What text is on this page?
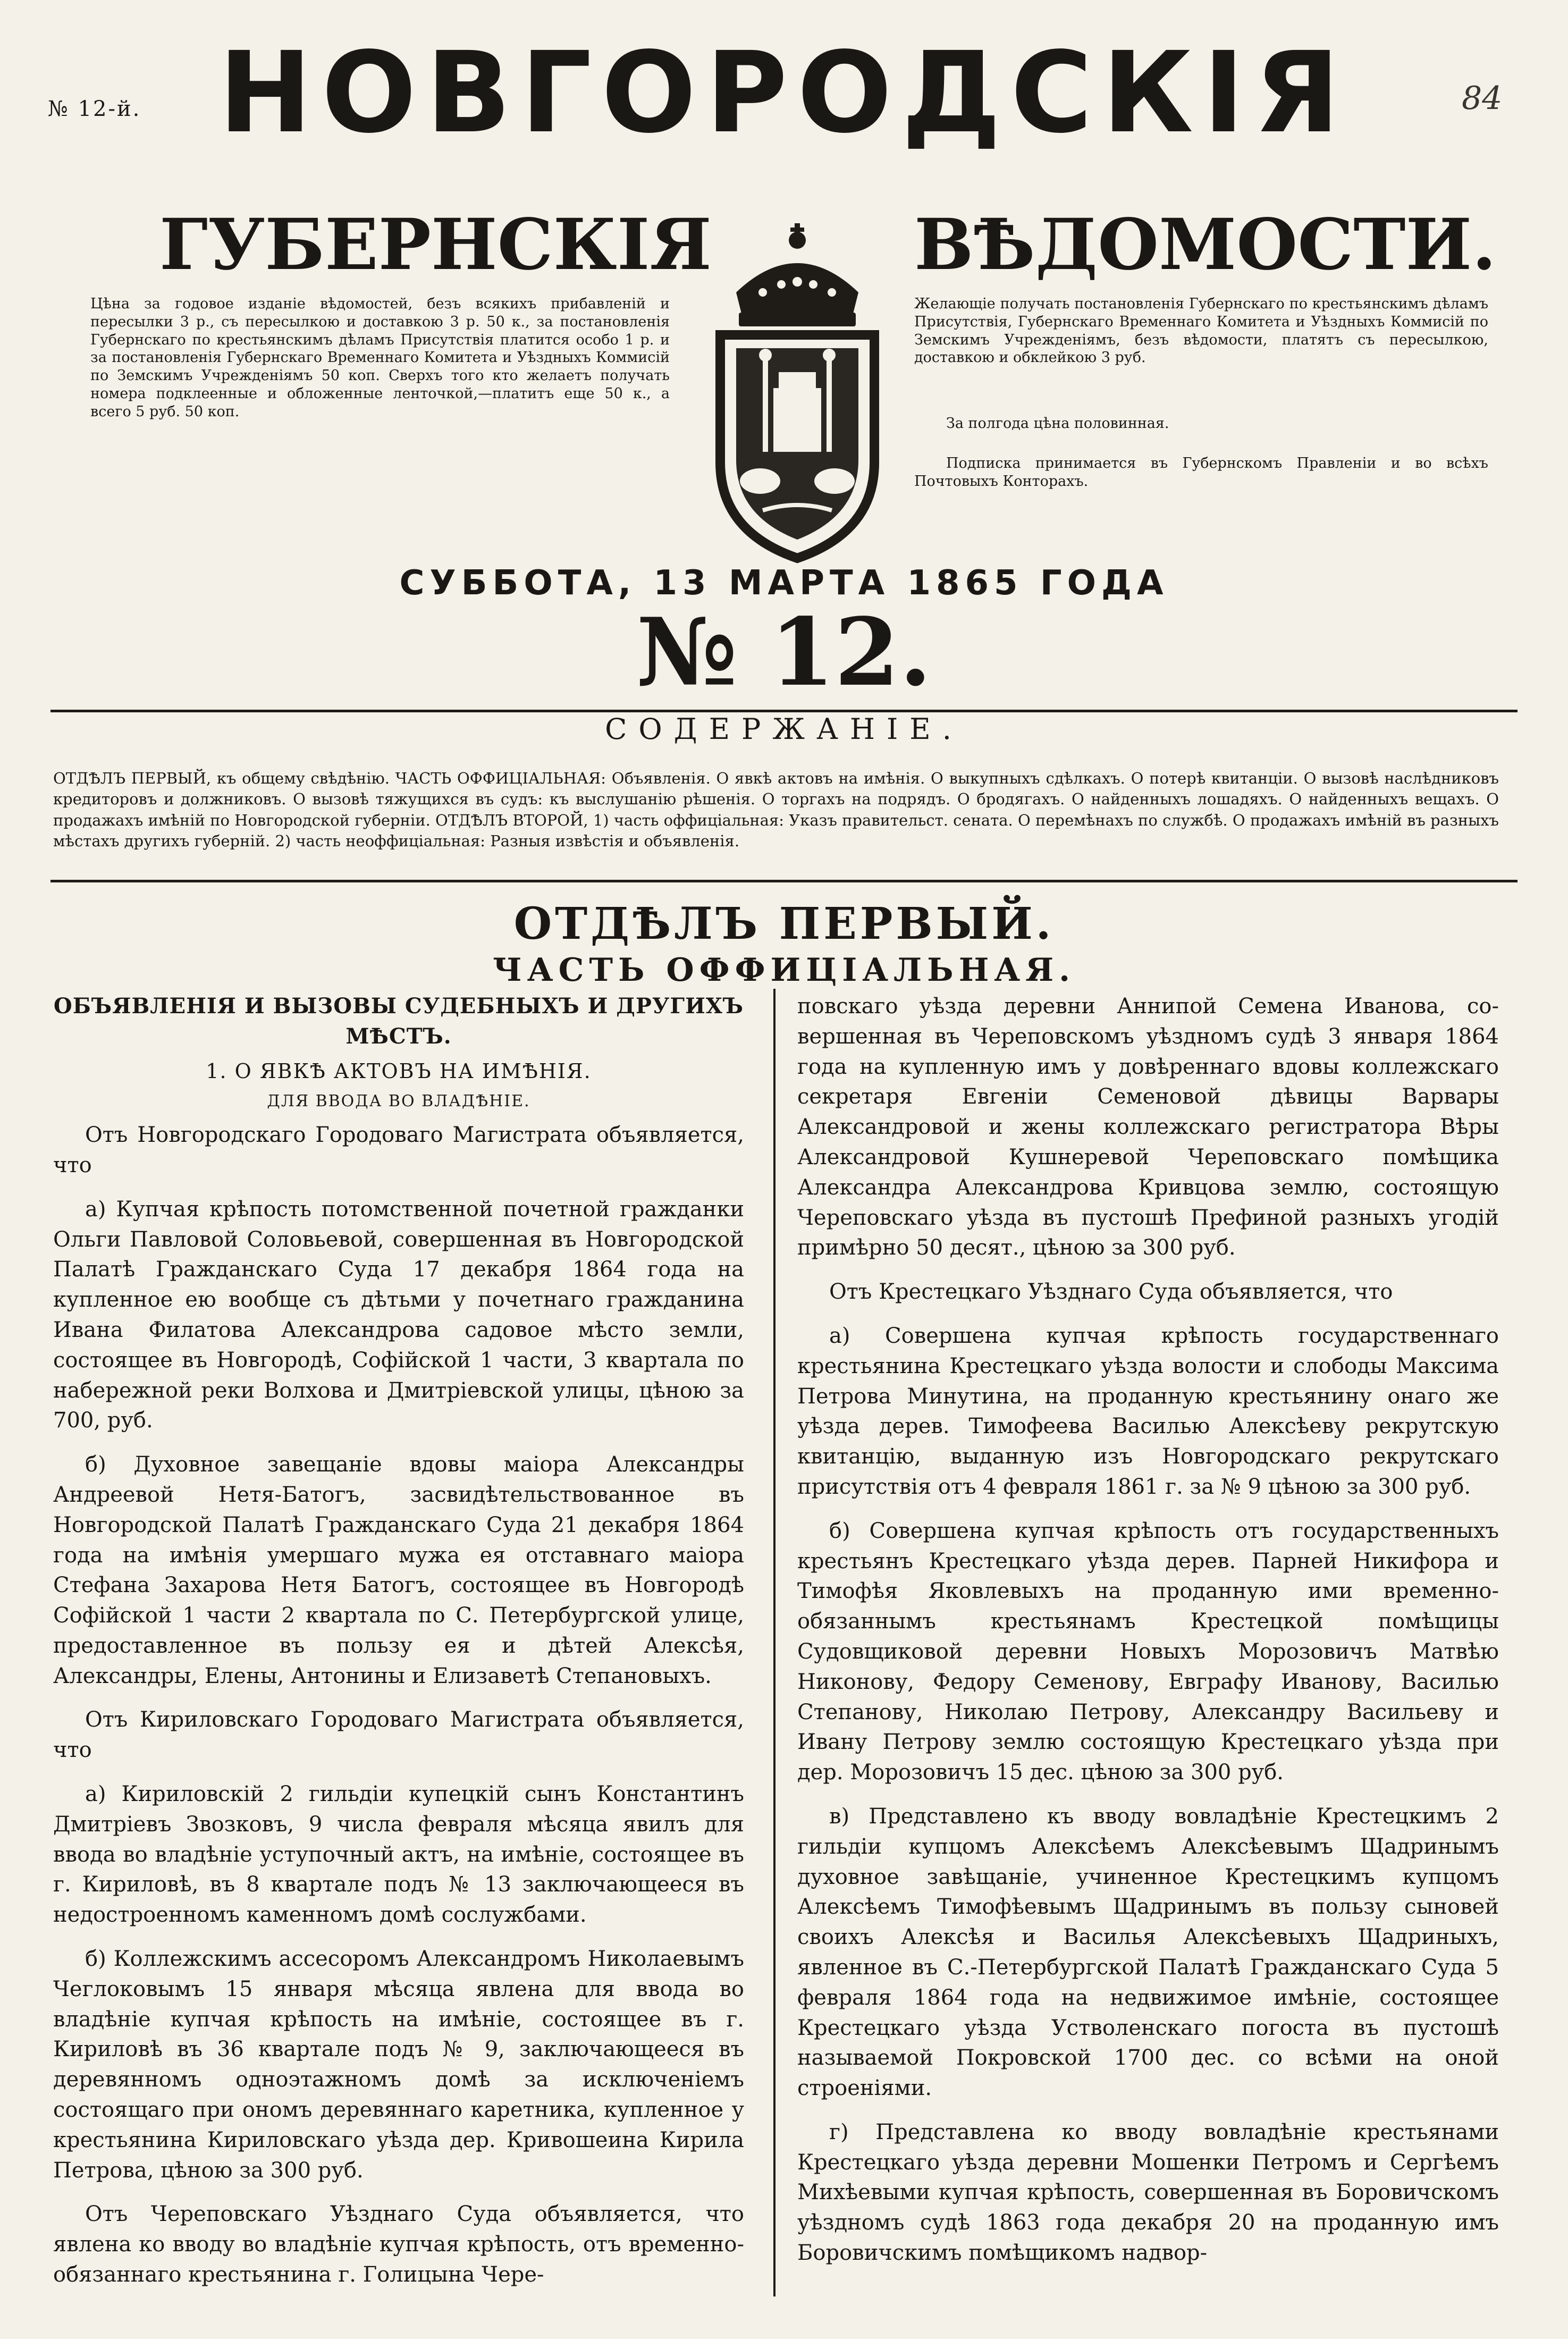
№ 12-й.	84
НОВГОРОДСКІЯ
ГУБЕРНСКІЯ	ВѢДОМОСТИ.
Цѣна за годовое изданіе вѣдомостей, безъ всякихъ прибавленій и пересылки 3 р., съ пересылкою и доставкою 3 р. 50 к., за постановленія Губернскаго по крестьянскимъ дѣламъ Присутствія платится особо 1 р. и за постановленія Губернскаго Временнаго Комитета и Уѣздныхъ Коммисій по Земскимъ Учрежденіямъ 50 коп. Сверхъ того кто желаетъ получать номера подклеенные и обложенные ленточкой,—платитъ еще 50 к., а всего 5 руб. 50 коп.
Желающіе получать постановленія Губернскаго по крестьянскимъ дѣламъ Присутствія, Губернскаго Временнаго Комитета и Уѣздныхъ Коммисій по Земскимъ Учрежденіямъ, безъ вѣдомости, платятъ съ пересылкою, доставкою и обклейкою 3 руб.
За полгода цѣна половинная.
Подписка принимается въ Губернскомъ Правленіи и во всѣхъ Почтовыхъ Конторахъ.
СУББОТА, 13 МАРТА 1865 ГОДА
№ 12.
СОДЕРЖАНІЕ.
ОТДѢЛЪ ПЕРВЫЙ, къ общему свѣдѣнію. ЧАСТЬ ОФФИЦІАЛЬНАЯ: Объявленія. О явкѣ актовъ на имѣнія. О выкупныхъ сдѣлкахъ. О потерѣ квитанціи. О вызовѣ наслѣдниковъ кредиторовъ и должниковъ. О вызовѣ тяжущихся въ судъ: къ выслушанію рѣшенія. О торгахъ на подрядъ. О бродягахъ. О найденныхъ лошадяхъ. О найденныхъ вещахъ. О продажахъ имѣній по Новгородской губерніи. ОТДѢЛЪ ВТОРОЙ, 1) часть оффиціальная: Указъ правительст. сената. О перемѣнахъ по службѣ. О продажахъ имѣній въ разныхъ мѣстахъ другихъ губерній. 2) часть неоффиціальная: Разныя извѣстія и объявленія.
ОТДѢЛЪ ПЕРВЫЙ.
ЧАСТЬ ОФФИЦІАЛЬНАЯ.
ОБЪЯВЛЕНІЯ И ВЫЗОВЫ СУДЕБНЫХЪ И ДРУГИХЪ МѢСТЪ.
1. О ЯВКѢ АКТОВЪ НА ИМѢНІЯ.
ДЛЯ ВВОДА ВО ВЛАДѢНІЕ.

Отъ Новгородскаго Городоваго Магистрата объявляется, что

а) Купчая крѣпость потомственной почетной гражданки Ольги Павловой Соловьевой, совершенная въ Новгородской Палатѣ Гражданскаго Суда 17 декабря 1864 года на купленное ею вообще съ дѣтьми у почетнаго гражданина Ивана Филатова Александрова садовое мѣсто земли, состоящее въ Новгородѣ, Софійской 1 части, 3 квартала по набережной реки Волхова и Дмитріевской улицы, цѣною за 700, руб.

б) Духовное завещаніе вдовы маіора Александры Андреевой Нетя-Батогъ, засвидѣтельствованное въ Новгородской Палатѣ Гражданскаго Суда 21 декабря 1864 года на имѣнія умершаго мужа ея отставнаго маіора Стефана Захарова Нетя Батогъ, состоящее въ Новгородѣ Софійской 1 части 2 квартала по С. Петербургской улице, предоставленное въ пользу ея и дѣтей Алексѣя, Александры, Елены, Антонины и Елизаветѣ Степановыхъ.

Отъ Кириловскаго Городоваго Магистрата объявляется, что

а) Кириловскій 2 гильдіи купецкій сынъ Константинъ Дмитріевъ Звозковъ, 9 числа февраля мѣсяца явилъ для ввода во владѣніе уступочный актъ, на имѣніе, состоящее въ г. Кириловѣ, въ 8 квартале подъ № 13 заключающееся въ недостроенномъ каменномъ домѣ сослужбами.

б) Коллежскимъ ассесоромъ Александромъ Николаевымъ Чеглоковымъ 15 января мѣсяца явлена для ввода во владѣніе купчая крѣпость на имѣніе, состоящее въ г. Кириловѣ въ 36 квартале подъ № 9, заключающееся въ деревянномъ одноэтажномъ домѣ за исключеніемъ состоящаго при ономъ деревяннаго каретника, купленное у крестьянина Кириловскаго уѣзда дер. Кривошеина Кирила Петрова, цѣною за 300 руб.

Отъ Череповскаго Уѣзднаго Суда объявляется, что явлена ко вводу во владѣніе купчая крѣпость, отъ временно-обязаннаго крестьянина г. Голицына Чере-

повскаго уѣзда деревни Аннипой Семена Иванова, совершенная въ Череповскомъ уѣздномъ судѣ 3 января 1864 года на купленную имъ у довѣреннаго вдовы коллежскаго секретаря Евгеніи Семеновой дѣвицы Варвары Александровой и жены коллежскаго регистратора Вѣры Александровой Кушнеревой Череповскаго помѣщика Александра Александрова Кривцова землю, состоящую Череповскаго уѣзда въ пустошѣ Префиной разныхъ угодій примѣрно 50 десят., цѣною за 300 руб.

Отъ Крестецкаго Уѣзднаго Суда объявляется, что

а) Совершена купчая крѣпость государственнаго крестьянина Крестецкаго уѣзда волости и слободы Максима Петрова Минутина, на проданную крестьянину онаго же уѣзда дерев. Тимофеева Василью Алексѣеву рекрутскую квитанцію, выданную изъ Новгородскаго рекрутскаго присутствія отъ 4 февраля 1861 г. за № 9 цѣною за 300 руб.

б) Совершена купчая крѣпость отъ государственныхъ крестьянъ Крестецкаго уѣзда дерев. Парней Никифора и Тимофѣя Яковлевыхъ на проданную ими временно-обязаннымъ крестьянамъ Крестецкой помѣщицы Судовщиковой деревни Новыхъ Морозовичъ Матвѣю Никонову, Федору Семенову, Евграфу Иванову, Василью Степанову, Николаю Петрову, Александру Васильеву и Ивану Петрову землю состоящую Крестецкаго уѣзда при дер. Морозовичъ 15 дес. цѣною за 300 руб.

в) Представлено къ вводу вовладѣніе Крестецкимъ 2 гильдіи купцомъ Алексѣемъ Алексѣевымъ Щадринымъ духовное завѣщаніе, учиненное Крестецкимъ купцомъ Алексѣемъ Тимофѣевымъ Щадринымъ въ пользу сыновей своихъ Алексѣя и Василья Алексѣевыхъ Щадриныхъ, явленное въ С.-Петербургской Палатѣ Гражданскаго Суда 5 февраля 1864 года на недвижимое имѣніе, состоящее Крестецкаго уѣзда Устволенскаго погоста въ пустошѣ называемой Покровской 1700 дес. со всѣми на оной строеніями.

г) Представлена ко вводу вовладѣніе крестьянами Крестецкаго уѣзда деревни Мошенки Петромъ и Сергѣемъ Михѣевыми купчая крѣпость, совершенная въ Боровичскомъ уѣздномъ судѣ 1863 года декабря 20 на проданную имъ Боровичскимъ помѣщикомъ надвор-
